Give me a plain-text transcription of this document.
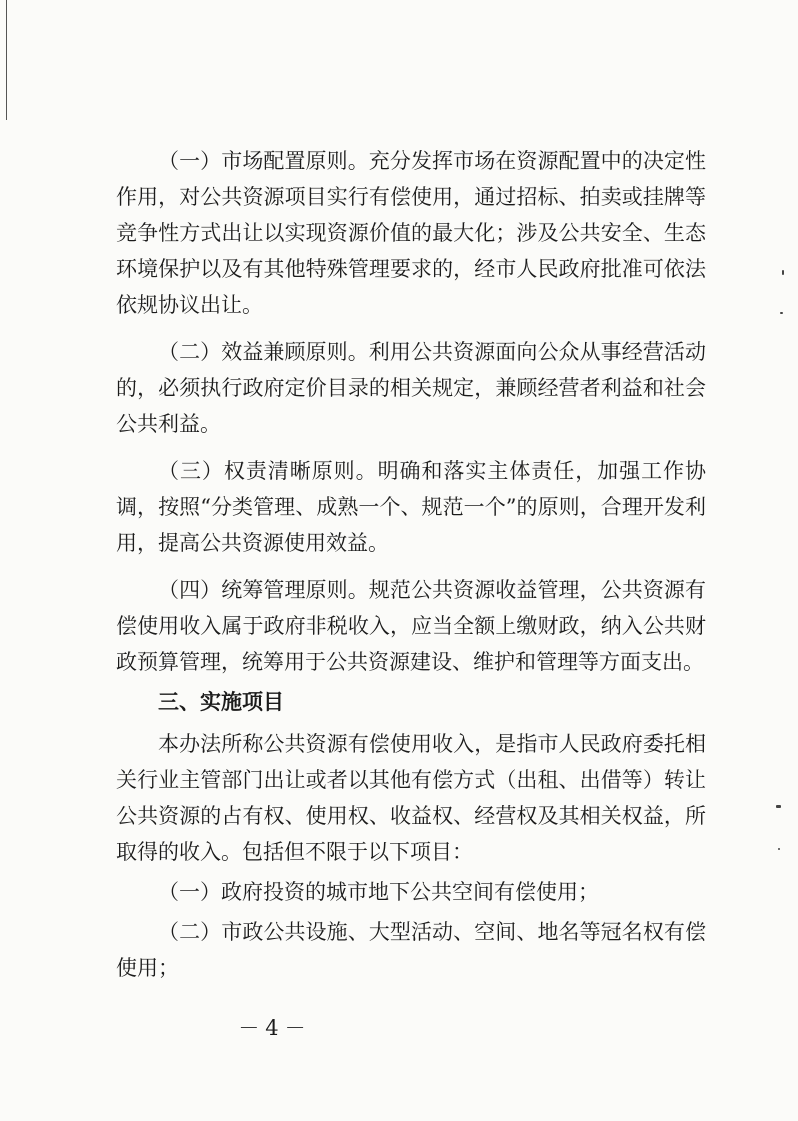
（一）市场配置原则。充分发挥市场在资源配置中的决定性作用，对公共资源项目实行有偿使用，通过招标、拍卖或挂牌等竞争性方式出让以实现资源价值的最大化；涉及公共安全、生态环境保护以及有其他特殊管理要求的，经市人民政府批准可依法依规协议出让。

（二）效益兼顾原则。利用公共资源面向公众从事经营活动的，必须执行政府定价目录的相关规定，兼顾经营者利益和社会公共利益。

（三）权责清晰原则。明确和落实主体责任，加强工作协调，按照“分类管理、成熟一个、规范一个”的原则，合理开发利用，提高公共资源使用效益。

（四）统筹管理原则。规范公共资源收益管理，公共资源有偿使用收入属于政府非税收入，应当全额上缴财政，纳入公共财政预算管理，统筹用于公共资源建设、维护和管理等方面支出。

三、实施项目

本办法所称公共资源有偿使用收入，是指市人民政府委托相关行业主管部门出让或者以其他有偿方式（出租、出借等）转让公共资源的占有权、使用权、收益权、经营权及其相关权益，所取得的收入。包括但不限于以下项目：

（一）政府投资的城市地下公共空间有偿使用；

（二）市政公共设施、大型活动、空间、地名等冠名权有偿使用；

－4－
